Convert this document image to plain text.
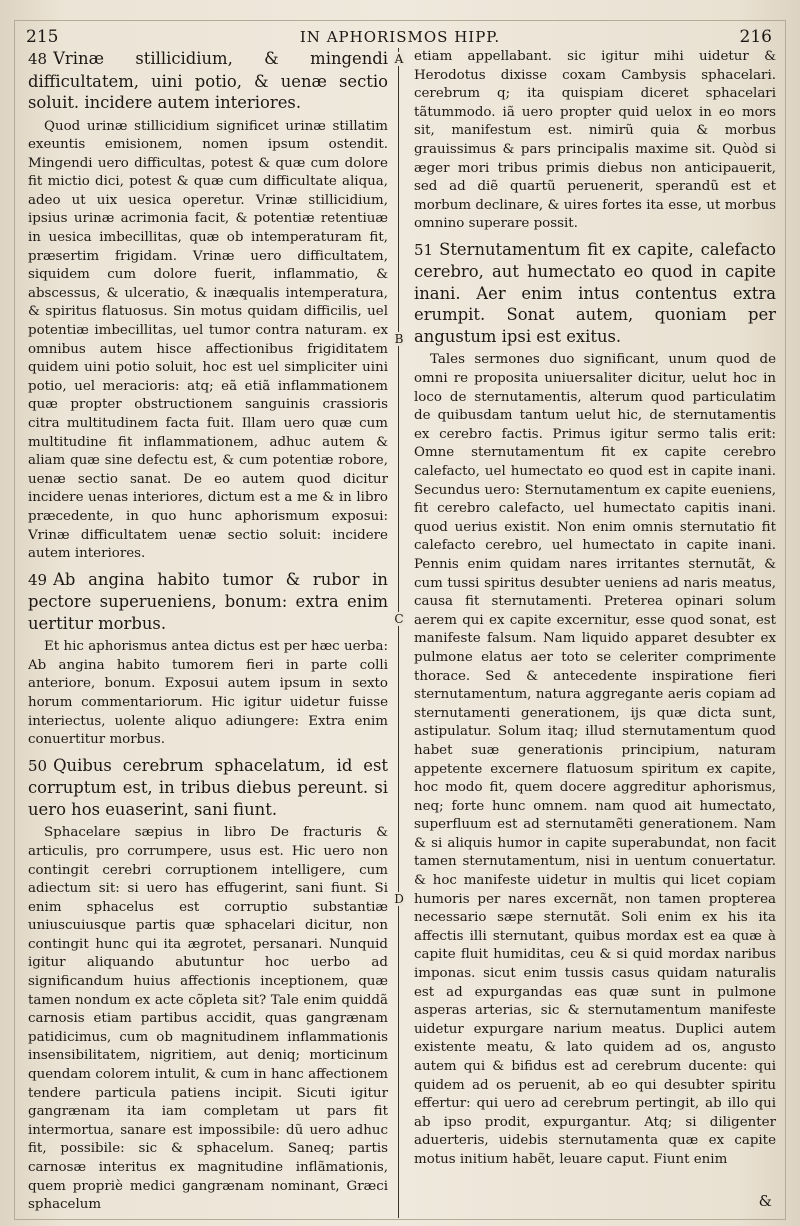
215	IN APHORISMOS HIPP.	216

48 Vrinæ stillicidium, & mingendi difficultatem, uini potio, & uenæ sectio soluit. incidere autem interiores.

Quod urinæ stillicidium significet urinæ stillatim exeuntis emisionem, nomen ipsum ostendit. Mingendi uero difficultas, potest & quæ cum dolore fit mictio dici, potest & quæ cum difficultate aliqua, adeo ut uix uesica operetur. Vrinæ stillicidium, ipsius urinæ acrimonia facit, & potentiæ retentiuæ in uesica imbecillitas, quæ ob intemperaturam fit, præsertim frigidam. Vrinæ uero difficultatem, siquidem cum dolore fuerit, inflammatio, & abscessus, & ulceratio, & inæqualis intemperatura, & spiritus flatuosus. Sin motus quidam difficilis, uel potentiæ imbecillitas, uel tumor contra naturam. ex omnibus autem hisce affectionibus frigiditatem quidem uini potio soluit, hoc est uel simpliciter uini potio, uel meracioris: atq; eã etiã inflammationem quæ propter obstructionem sanguinis crassioris citra multitudinem facta fuit. Illam uero quæ cum multitudine fit inflammationem, adhuc autem & aliam quæ sine defectu est, & cum potentiæ robore, uenæ sectio sanat. De eo autem quod dicitur incidere uenas interiores, dictum est a me & in libro præcedente, in quo hunc aphorismum exposui: Vrinæ difficultatem uenæ sectio soluit: incidere autem interiores.

49 Ab angina habito tumor & rubor in pectore superueniens, bonum: extra enim uertitur morbus.

Et hic aphorismus antea dictus est per hæc uerba: Ab angina habito tumorem fieri in parte colli anteriore, bonum. Exposui autem ipsum in sexto horum commentariorum. Hic igitur uidetur fuisse interiectus, uolente aliquo adiungere: Extra enim conuertitur morbus.

50 Quibus cerebrum sphacelatum, id est corruptum est, in tribus diebus pereunt. si uero hos euaserint, sani fiunt.

Sphacelare sæpius in libro De fracturis & articulis, pro corrumpere, usus est. Hic uero non contingit cerebri corruptionem intelligere, cum adiectum sit: si uero has effugerint, sani fiunt. Si enim sphacelus est corruptio substantiæ uniuscuiusque partis quæ sphacelari dicitur, non contingit hunc qui ita ægrotet, persanari. Nunquid igitur aliquando abutuntur hoc uerbo ad significandum huius affectionis inceptionem, quæ tamen nondum ex acte cõpleta sit? Tale enim quiddã carnosis etiam partibus accidit, quas gangrænam patidicimus, cum ob magnitudinem inflammationis insensibilitatem, nigritiem, aut deniq; morticinum quendam colorem intulit, & cum in hanc affectionem tendere particula patiens incipit. Sicuti igitur gangrænam ita iam completam ut pars fit intermortua, sanare est impossibile: dũ uero adhuc fit, possibile: sic & sphacelum. Saneq; partis carnosæ interitus ex magnitudine inflãmationis, quem propriè medici gangrænam nominant, Græci sphacelum

A
B
C
D

etiam appellabant. sic igitur mihi uidetur & Herodotus dixisse coxam Cambysis sphacelari. cerebrum q; ita quispiam diceret sphacelari tãtummodo. iã uero propter quid uelox in eo mors sit, manifestum est. nimirũ quia & morbus grauissimus & pars principalis maxime sit. Quòd si æger mori tribus primis diebus non anticipauerit, sed ad diẽ quartũ peruenerit, sperandũ est et morbum declinare, & uires fortes ita esse, ut morbus omnino superare possit.

51 Sternutamentum fit ex capite, calefacto cerebro, aut humectato eo quod in capite inani. Aer enim intus contentus extra erumpit. Sonat autem, quoniam per angustum ipsi est exitus.

Tales sermones duo significant, unum quod de omni re proposita uniuersaliter dicitur, uelut hoc in loco de sternutamentis, alterum quod particulatim de quibusdam tantum uelut hic, de sternutamentis ex cerebro factis. Primus igitur sermo talis erit: Omne sternutamentum fit ex capite cerebro calefacto, uel humectato eo quod est in capite inani. Secundus uero: Sternutamentum ex capite eueniens, fit cerebro calefacto, uel humectato capitis inani. quod uerius existit. Non enim omnis sternutatio fit calefacto cerebro, uel humectato in capite inani. Pennis enim quidam nares irritantes sternutãt, & cum tussi spiritus desubter ueniens ad naris meatus, causa fit sternutamenti. Preterea opinari solum aerem qui ex capite excernitur, esse quod sonat, est manifeste falsum. Nam liquido apparet desubter ex pulmone elatus aer toto se celeriter comprimente thorace. Sed & antecedente inspiratione fieri sternutamentum, natura aggregante aeris copiam ad sternutamenti generationem, ijs quæ dicta sunt, astipulatur. Solum itaq; illud sternutamentum quod habet suæ generationis principium, naturam appetente excernere flatuosum spiritum ex capite, hoc modo fit, quem docere aggreditur aphorismus, neq; forte hunc omnem. nam quod ait humectato, superfluum est ad sternutamẽti generationem. Nam & si aliquis humor in capite superabundat, non facit tamen sternutamentum, nisi in uentum conuertatur. & hoc manifeste uidetur in multis qui licet copiam humoris per nares excernãt, non tamen propterea necessario sæpe sternutãt. Soli enim ex his ita affectis illi sternutant, quibus mordax est ea quæ à capite fluit humiditas, ceu & si quid mordax naribus imponas. sicut enim tussis casus quidam naturalis est ad expurgandas eas quæ sunt in pulmone asperas arterias, sic & sternutamentum manifeste uidetur expurgare narium meatus. Duplici autem existente meatu, & lato quidem ad os, angusto autem qui & bifidus est ad cerebrum ducente: qui quidem ad os peruenit, ab eo qui desubter spiritu effertur: qui uero ad cerebrum pertingit, ab illo qui ab ipso prodit, expurgantur. Atq; si diligenter aduerteris, uidebis sternutamenta quæ ex capite motus initium habẽt, leuare caput. Fiunt enim

&
